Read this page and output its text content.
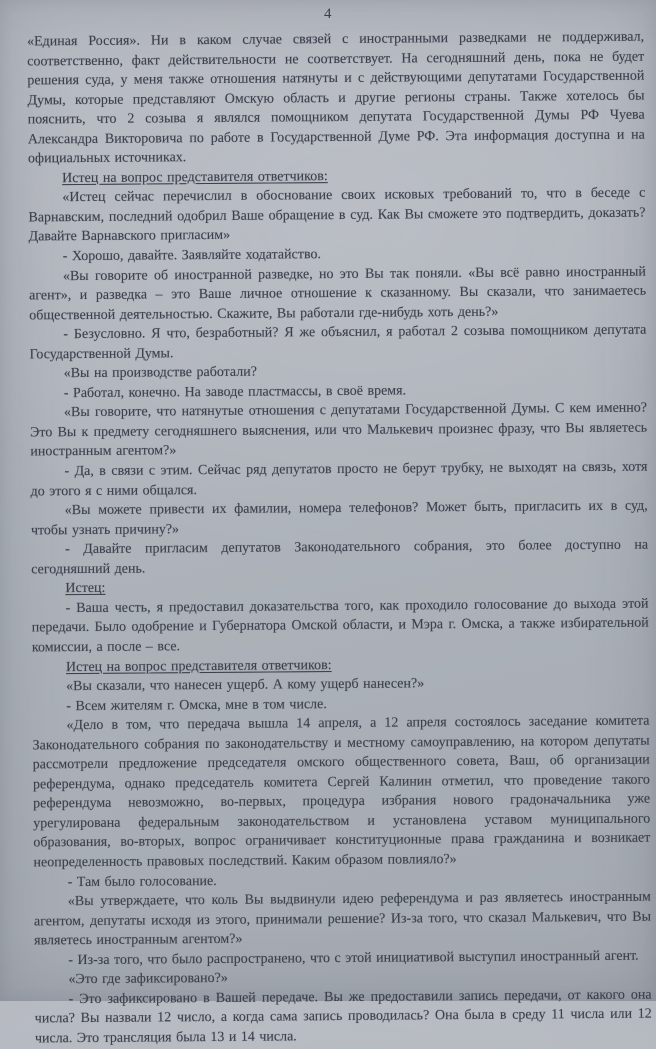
4

«Единая Россия». Ни в каком случае связей с иностранными разведками не поддерживал, соответственно, факт действительности не соответствует. На сегодняшний день, пока не будет решения суда, у меня также отношения натянуты и с действующими депутатами Государственной Думы, которые представляют Омскую область и другие регионы страны. Также хотелось бы пояснить, что 2 созыва я являлся помощником депутата Государственной Думы РФ Чуева Александра Викторовича по работе в Государственной Думе РФ. Эта информация доступна и на официальных источниках.

Истец на вопрос представителя ответчиков:

«Истец сейчас перечислил в обоснование своих исковых требований то, что в беседе с Варнавским, последний одобрил Ваше обращение в суд. Как Вы сможете это подтвердить, доказать? Давайте Варнавского пригласим»

- Хорошо, давайте. Заявляйте ходатайство.

«Вы говорите об иностранной разведке, но это Вы так поняли. «Вы всё равно иностранный агент», и разведка – это Ваше личное отношение к сказанному. Вы сказали, что занимаетесь общественной деятельностью. Скажите, Вы работали где-нибудь хоть день?»

- Безусловно. Я что, безработный? Я же объяснил, я работал 2 созыва помощником депутата Государственной Думы.

«Вы на производстве работали?

- Работал, конечно. На заводе пластмассы, в своё время.

«Вы говорите, что натянутые отношения с депутатами Государственной Думы. С кем именно? Это Вы к предмету сегодняшнего выяснения, или что Малькевич произнес фразу, что Вы являетесь иностранным агентом?»

- Да, в связи с этим. Сейчас ряд депутатов просто не берут трубку, не выходят на связь, хотя до этого я с ними общался.

«Вы можете привести их фамилии, номера телефонов? Может быть, пригласить их в суд, чтобы узнать причину?»

- Давайте пригласим депутатов Законодательного собрания, это более доступно на сегодняшний день.

Истец:

- Ваша честь, я предоставил доказательства того, как проходило голосование до выхода этой передачи. Было одобрение и Губернатора Омской области, и Мэра г. Омска, а также избирательной комиссии, а после – все.

Истец на вопрос представителя ответчиков:

«Вы сказали, что нанесен ущерб. А кому ущерб нанесен?»

- Всем жителям г. Омска, мне в том числе.

«Дело в том, что передача вышла 14 апреля, а 12 апреля состоялось заседание комитета Законодательного собрания по законодательству и местному самоуправлению, на котором депутаты рассмотрели предложение председателя омского общественного совета, Ваш, об организации референдума, однако председатель комитета Сергей Калинин отметил, что проведение такого референдума невозможно, во-первых, процедура избрания нового градоначальника уже урегулирована федеральным законодательством и установлена уставом муниципального образования, во-вторых, вопрос ограничивает конституционные права гражданина и возникает неопределенность правовых последствий. Каким образом повлияло?»

- Там было голосование.

«Вы утверждаете, что коль Вы выдвинули идею референдума и раз являетесь иностранным агентом, депутаты исходя из этого, принимали решение? Из-за того, что сказал Малькевич, что Вы являетесь иностранным агентом?»

- Из-за того, что было распространено, что с этой инициативой выступил иностранный агент.

«Это где зафиксировано?»

- Это зафиксировано в Вашей передаче. Вы же предоставили запись передачи, от какого она числа? Вы назвали 12 число, а когда сама запись проводилась? Она была в среду 11 числа или 12 числа. Это трансляция была 13 и 14 числа.
